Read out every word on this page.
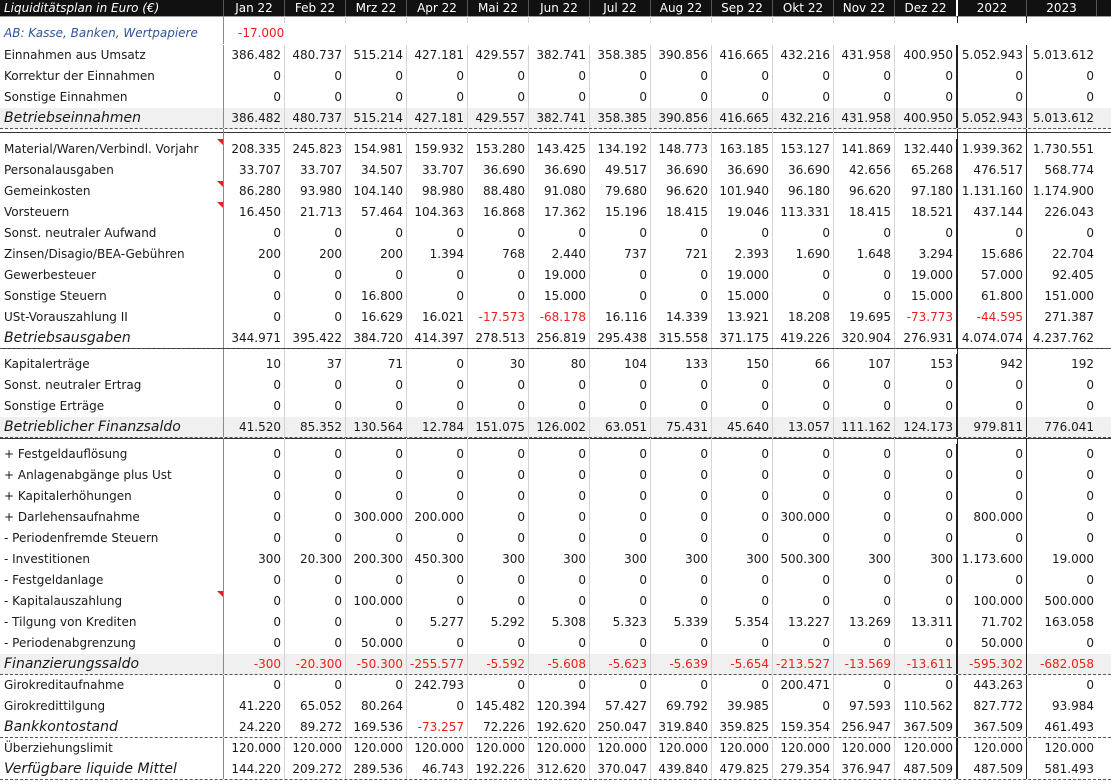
Liquiditätsplan in Euro (€)	Jan 22	Feb 22	Mrz 22	Apr 22	Mai 22	Jun 22	Jul 22	Aug 22	Sep 22	Okt 22	Nov 22	Dez 22	2022	2023
AB: Kasse, Banken, Wertpapiere	-17.000
Einnahmen aus Umsatz	386.482 480.737 515.214 427.181 429.557 382.741 358.385 390.856 416.665 432.216 431.958	400.950 5.052.943 5.013.612
Korrektur der Einnahmen	0	0	0	0	0	0	0	0	0	0	0	0	0	0
Sonstige Einnahmen	0	0	0	0	0	0	0	0	0	0	0	0	0	0
Betriebseinnahmen	386.482 480.737 515.214 427.181 429.557 382.741 358.385 390.856 416.665 432.216 431.958	400.950 5.052.943 5.013.612
Material/Waren/Verbindl. Vorjahr	208.335 245.823 154.981 159.932 153.280 143.425 134.192 148.773 163.185 153.127 141.869	132.440 1.939.362 1.730.551
Personalausgaben	33.707	33.707	34.507	33.707	36.690	36.690	49.517	36.690	36.690	36.690	42.656	65.268	476.517	568.774
Gemeinkosten	86.280	93.980 104.140	98.980	88.480	91.080	79.680	96.620 101.940	96.180	96.620	97.180 1.131.160 1.174.900
Vorsteuern	16.450	21.713	57.464 104.363	16.868	17.362	15.196	18.415	19.046 113.331	18.415	18.521	437.144	226.043
Sonst. neutraler Aufwand	0	0	0	0	0	0	0	0	0	0	0	0	0	0
Zinsen/Disagio/BEA-Gebühren	200	200	200	1.394	768	2.440	737	721	2.393	1.690	1.648	3.294	15.686	22.704
Gewerbesteuer	0	0	0	0	0	19.000	0	0	19.000	0	0	19.000	57.000	92.405
Sonstige Steuern	0	0	16.800	0	0	15.000	0	0	15.000	0	0	15.000	61.800	151.000
USt-Vorauszahlung II	0	0	16.629	16.021	-17.573	-68.178	16.116	14.339	13.921	18.208	19.695	-73.773	-44.595	271.387
Betriebsausgaben	344.971 395.422 384.720 414.397 278.513 256.819 295.438 315.558 371.175 419.226 320.904	276.931 4.074.074 4.237.762
Kapitalerträge	10	37	71	0	30	80	104	133	150	66	107	153	942	192
Sonst. neutraler Ertrag	0	0	0	0	0	0	0	0	0	0	0	0	0	0
Sonstige Erträge	0	0	0	0	0	0	0	0	0	0	0	0	0	0
Betrieblicher Finanzsaldo	41.520	85.352 130.564	12.784 151.075 126.002	63.051	75.431	45.640	13.057 111.162	124.173	979.811	776.041
+ Festgeldauflösung	0	0	0	0	0	0	0	0	0	0	0	0	0	0
+ Anlagenabgänge plus Ust	0	0	0	0	0	0	0	0	0	0	0	0	0	0
+ Kapitalerhöhungen	0	0	0	0	0	0	0	0	0	0	0	0	0	0
+ Darlehensaufnahme	0	0 300.000 200.000	0	0	0	0	0 300.000	0	0	800.000	0
- Periodenfremde Steuern	0	0	0	0	0	0	0	0	0	0	0	0	0	0
- Investitionen	300	20.300 200.300 450.300	300	300	300	300	300 500.300	300	300 1.173.600	19.000
- Festgeldanlage	0	0	0	0	0	0	0	0	0	0	0	0	0	0
- Kapitalauszahlung	0	0 100.000	0	0	0	0	0	0	0	0	0	100.000	500.000
- Tilgung von Krediten	0	0	0	5.277	5.292	5.308	5.323	5.339	5.354	13.227	13.269	13.311	71.702	163.058
- Periodenabgrenzung	0	0	50.000	0	0	0	0	0	0	0	0	0	50.000	0
Finanzierungssaldo	-300	-20.300	-50.300 -255.577	-5.592	-5.608	-5.623	-5.639	-5.654 -213.527	-13.569	-13.611	-595.302	-682.058
Girokreditaufnahme	0	0	0 242.793	0	0	0	0	0 200.471	0	0	443.263	0
Girokredittilgung	41.220	65.052	80.264	0 145.482 120.394	57.427	69.792	39.985	0	97.593	110.562	827.772	93.984
Bankkontostand	24.220	89.272 169.536	-73.257	72.226 192.620 250.047 319.840 359.825 159.354 256.947	367.509	367.509	461.493
Überziehungslimit	120.000 120.000 120.000 120.000 120.000 120.000 120.000 120.000 120.000 120.000 120.000	120.000	120.000	120.000
Verfügbare liquide Mittel	144.220 209.272 289.536	46.743 192.226 312.620 370.047 439.840 479.825 279.354 376.947	487.509	487.509	581.493
